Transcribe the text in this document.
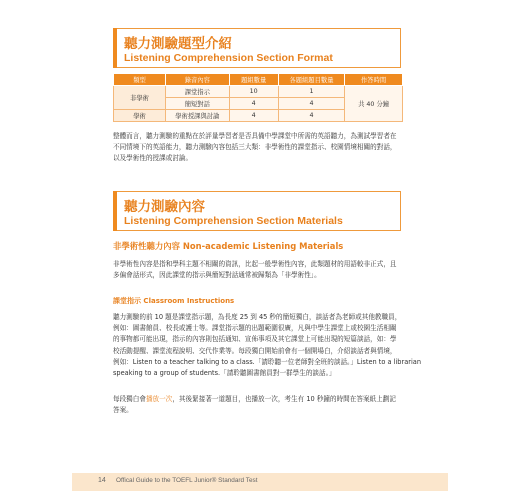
聽力測驗題型介紹
Listening Comprehension Section Format
類型	錄音內容	題組數量	各題組題目數量	作答時間
非學術	課堂指示	10	1	共 40 分鐘
	簡短對話	4	4	
學術	學術授課與討論	4	4	

整體而言，聽力測驗的重點在於評量學習者是否具備中學課堂中所需的英語聽力，為測試學習者在

不同情境下的英語能力，聽力測驗內容包括三大類：非學術性的課堂指示、校園情境相關的對話，

以及學術性的授課或討論。

聽力測驗內容
Listening Comprehension Section Materials
非學術性聽力內容 Non-academic Listening Materials

非學術性內容是指和學科主題不相關的資訊，比起一般學術性內容，此類題材的用語較非正式，且

多偏會話形式，因此課堂的指示與簡短對話通常被歸類為「非學術性」。

課堂指示 Classroom Instructions

聽力測驗的前 10 題是課堂指示題，為長度 25 到 45 秒的簡短獨白，談話者為老師或其他教職員，

例如：圖書館員、校長或護士等。課堂指示題的出題範圍很廣，凡與中學生課堂上或校園生活相關

的事物都可能出現，指示的內容則包括通知、宣佈事項及其它課堂上可能出現的短篇談話，如：學

校活動提醒、課堂流程說明、交代作業等。每段獨白開始前會有一個開場白，介紹談話者與情境，

例如：Listen to a teacher talking to a class.「請聆聽一位老師對全班的談話。」Listen to a librarian

speaking to a group of students.「請聆聽圖書館員對一群學生的談話。」

每段獨白會播放一次，其後緊接著一道題目，也播放一次，考生有 10 秒鐘的時間在答案紙上劃記

答案。

14 Offical Guide to the TOEFL Junior® Standard Test
